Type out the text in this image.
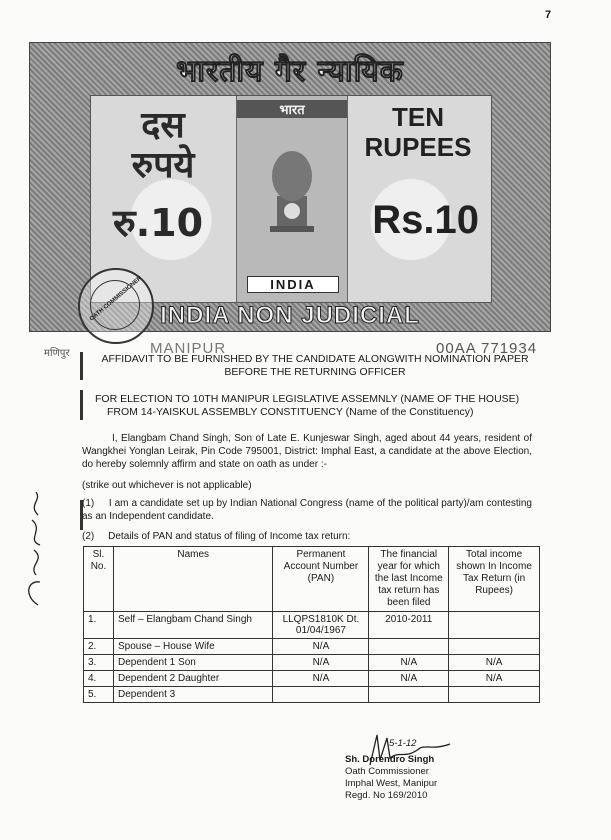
7
भारतीय गैर न्यायिक
दस
रुपये
रु.10
भारत
INDIA
TEN
RUPEES
Rs.10
INDIA NON JUDICIAL
OATH COMMISSIONER
मणिपुर	MANIPUR	00AA 771934
AFFIDAVIT TO BE FURNISHED BY THE CANDIDATE ALONGWITH NOMINATION PAPER
BEFORE THE RETURNING OFFICER
FOR ELECTION TO 10TH MANIPUR LEGISLATIVE ASSEMNLY (NAME OF THE HOUSE)
FROM 14-YAISKUL ASSEMBLY CONSTITUENCY (Name of the Constituency)
I, Elangbam Chand Singh, Son of Late E. Kunjeswar Singh, aged about 44 years, resident of Wangkhei Yonglan Leirak, Pin Code 795001, District: Imphal East, a candidate at the above Election, do hereby solemnly affirm and state on oath as under :-
(strike out whichever is not applicable)
(1) I am a candidate set up by Indian National Congress (name of the political party)/am contesting as an Independent candidate.
(2) Details of PAN and status of filing of Income tax return:
Sl. No.	Names	Permanent Account Number (PAN)	The financial year for which the last Income tax return has been filed	Total income shown In Income Tax Return (in Rupees)
1.	Self – Elangbam Chand Singh	LLQPS1810K Dt. 01/04/1967	2010-2011	
2.	Spouse – House Wife	N/A		
3.	Dependent 1 Son	N/A	N/A	N/A
4.	Dependent 2 Daughter	N/A	N/A	N/A
5.	Dependent 3			
5-1-12
Sh. Dorendro Singh
Oath Commissioner
Imphal West, Manipur
Regd. No 169/2010
